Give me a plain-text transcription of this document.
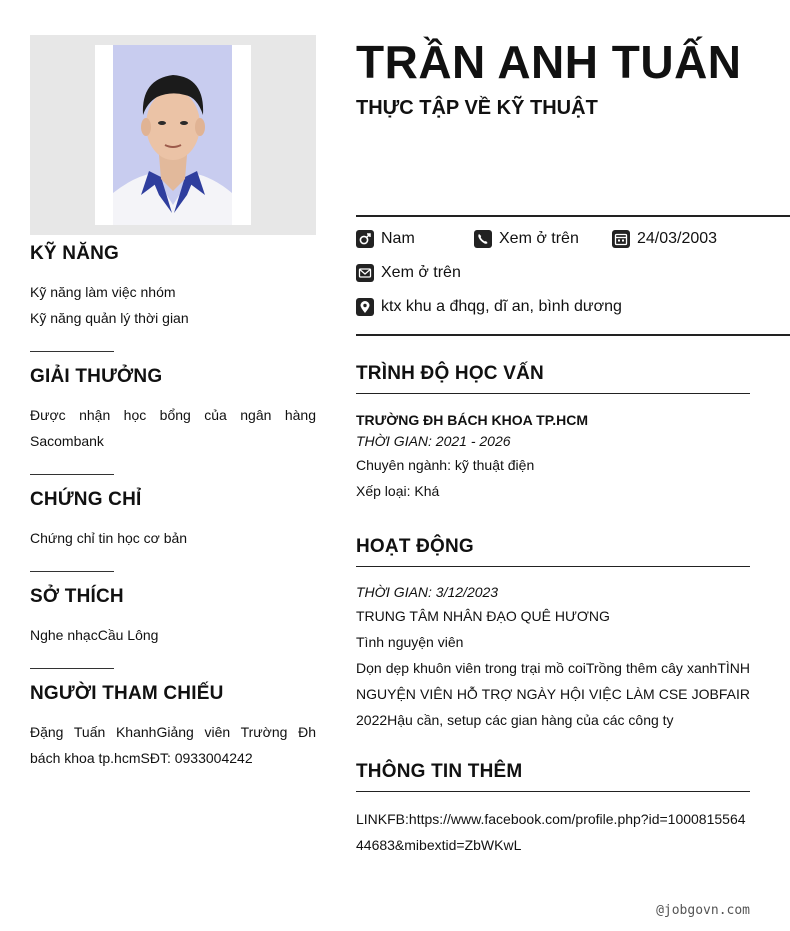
KỸ NĂNG
Kỹ năng làm việc nhóm
Kỹ năng quản lý thời gian
GIẢI THƯỞNG
Được nhận học bổng của ngân hàng Sacombank
CHỨNG CHỈ
Chứng chỉ tin học cơ bản
SỞ THÍCH
Nghe nhạcCầu Lông
NGƯỜI THAM CHIẾU
Đặng Tuấn KhanhGiảng viên Trường Đh bách khoa tp.hcmSĐT: 0933004242
TRẦN ANH TUẤN
THỰC TẬP VỀ KỸ THUẬT
Nam	Xem ở trên	24/03/2003
Xem ở trên
ktx khu a đhqg, dĩ an, bình dương
TRÌNH ĐỘ HỌC VẤN
TRƯỜNG ĐH BÁCH KHOA TP.HCM
THỜI GIAN: 2021 - 2026
Chuyên ngành: kỹ thuật điện
Xếp loại: Khá
HOẠT ĐỘNG
THỜI GIAN: 3/12/2023
TRUNG TÂM NHÂN ĐẠO QUÊ HƯƠNG
Tình nguyện viên
Dọn dẹp khuôn viên trong trại mồ coiTrồng thêm cây xanhTÌNH NGUYỆN VIÊN HỖ TRỢ NGÀY HỘI VIỆC LÀM CSE JOBFAIR 2022Hậu cần, setup các gian hàng của các công ty
THÔNG TIN THÊM
LINKFB:https://www.facebook.com/profile.php?id=100081556444683&mibextid=ZbWKwL
@jobgovn.com
